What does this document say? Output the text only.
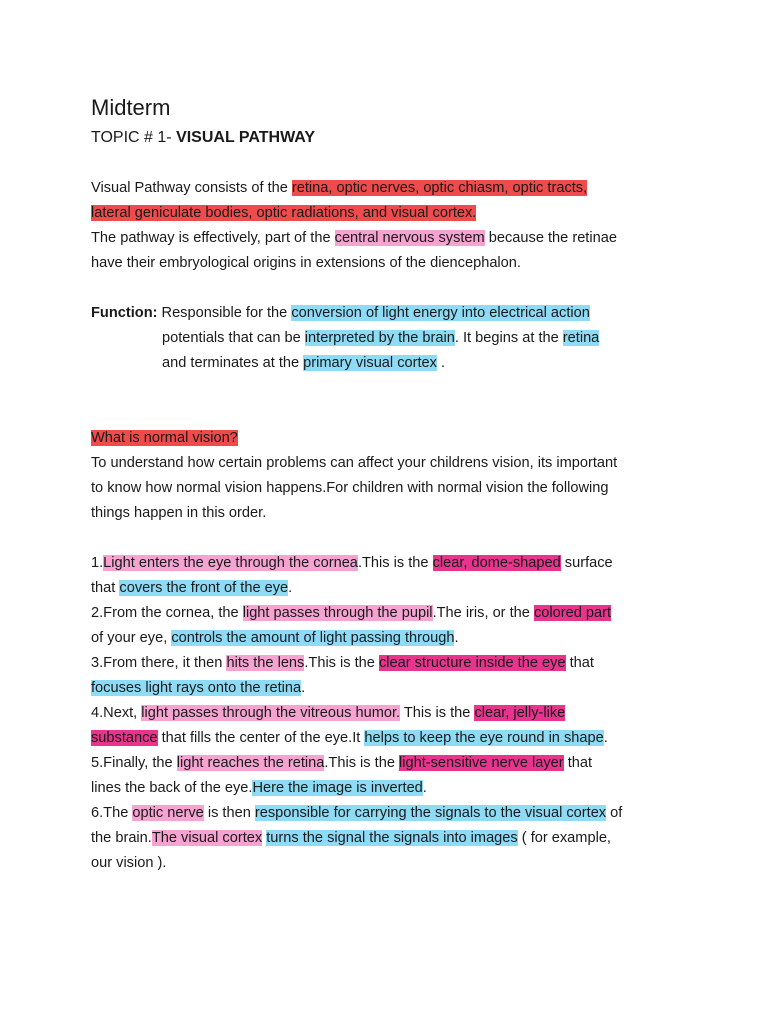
Midterm
TOPIC # 1- VISUAL PATHWAY

Visual Pathway consists of the retina, optic nerves, optic chiasm, optic tracts,

lateral geniculate bodies, optic radiations, and visual cortex.

The pathway is effectively, part of the central nervous system because the retinae

have their embryological origins in extensions of the diencephalon.

Function: Responsible for the conversion of light energy into electrical action

potentials that can be interpreted by the brain. It begins at the retina

and terminates at the primary visual cortex .

What is normal vision?

To understand how certain problems can affect your childrens vision, its important

to know how normal vision happens.For children with normal vision the following

things happen in this order.

1.Light enters the eye through the cornea.This is the clear, dome-shaped surface

that covers the front of the eye.

2.From the cornea, the light passes through the pupil.The iris, or the colored part

of your eye, controls the amount of light passing through.

3.From there, it then hits the lens.This is the clear structure inside the eye that

focuses light rays onto the retina.

4.Next, light passes through the vitreous humor. This is the clear, jelly-like

substance that fills the center of the eye.It helps to keep the eye round in shape.

5.Finally, the light reaches the retina.This is the light-sensitive nerve layer that

lines the back of the eye.Here the image is inverted.

6.The optic nerve is then responsible for carrying the signals to the visual cortex of

the brain.The visual cortex turns the signal the signals into images ( for example,

our vision ).
